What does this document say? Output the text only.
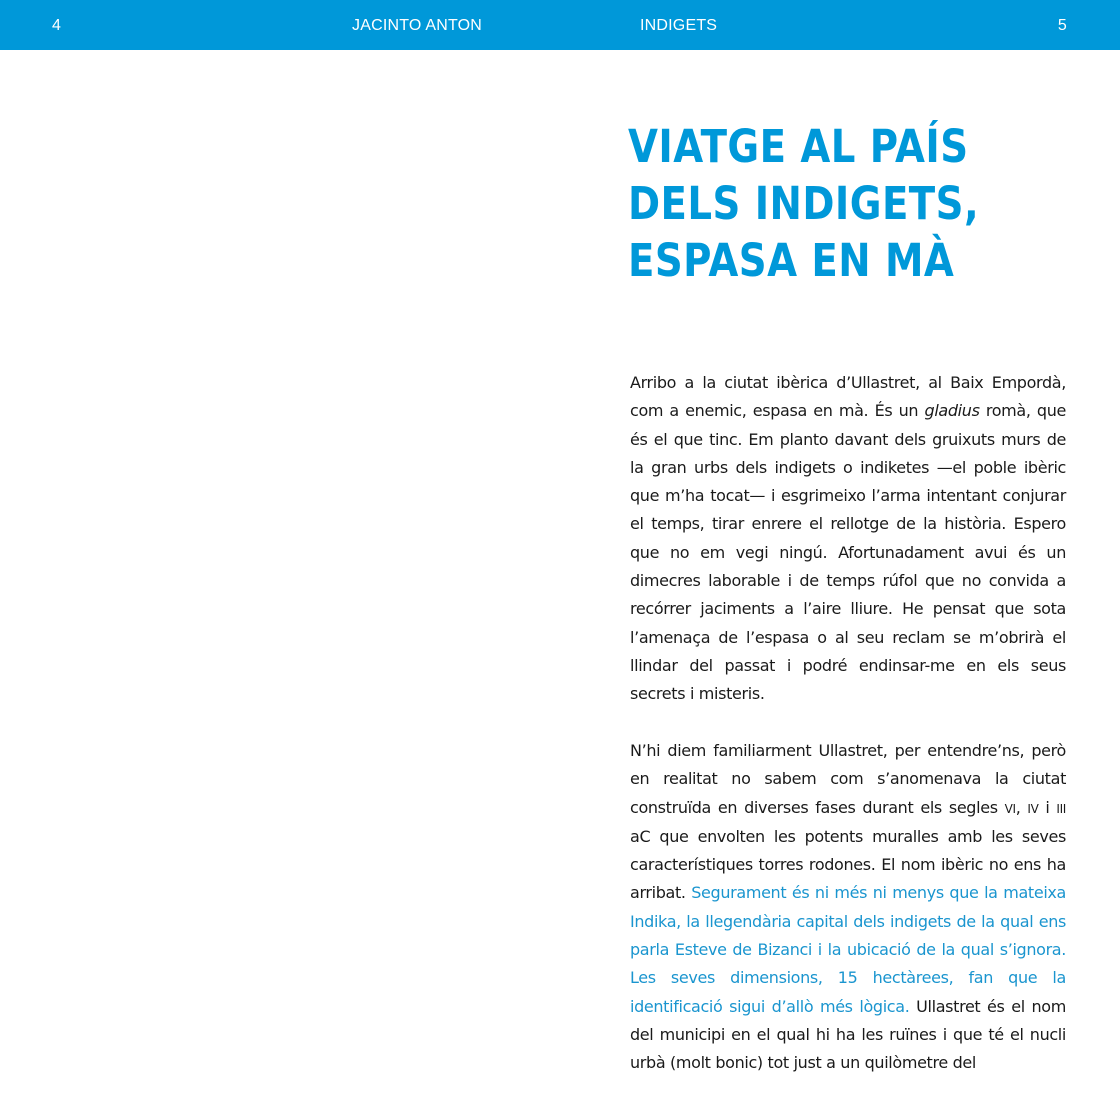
4	JACINTO ANTON	INDIGETS	5
VIATGE AL PAÍS
DELS INDIGETS,
ESPASA EN MÀ

Arribo a la ciutat ibèrica d’Ullastret, al Baix Empordà, com a enemic, espasa en mà. És un gladius romà, que és el que tinc. Em planto davant dels gruixuts murs de la gran urbs dels indigets o indiketes —el poble ibèric que m’ha tocat— i esgrimeixo l’arma intentant conjurar el temps, tirar enrere el rellotge de la història. Espero que no em vegi ningú. Afortunadament avui és un dimecres laborable i de temps rúfol que no convida a recórrer jaciments a l’aire lliure. He pensat que sota l’amenaça de l’espasa o al seu reclam se m’obrirà el llindar del passat i podré endinsar-me en els seus secrets i misteris.

N’hi diem familiarment Ullastret, per entendre’ns, però en realitat no sabem com s’anomenava la ciutat construïda en diverses fases durant els segles VI, IV i III aC que envolten les potents muralles amb les seves característiques torres rodones. El nom ibèric no ens ha arribat. Segurament és ni més ni menys que la mateixa Indika, la llegendària capital dels indigets de la qual ens parla Esteve de Bizanci i la ubicació de la qual s’ignora. Les seves dimensions, 15 hectàrees, fan que la identificació sigui d’allò més lògica. Ullastret és el nom del municipi en el qual hi ha les ruïnes i que té el nucli urbà (molt bonic) tot just a un quilòmetre del
